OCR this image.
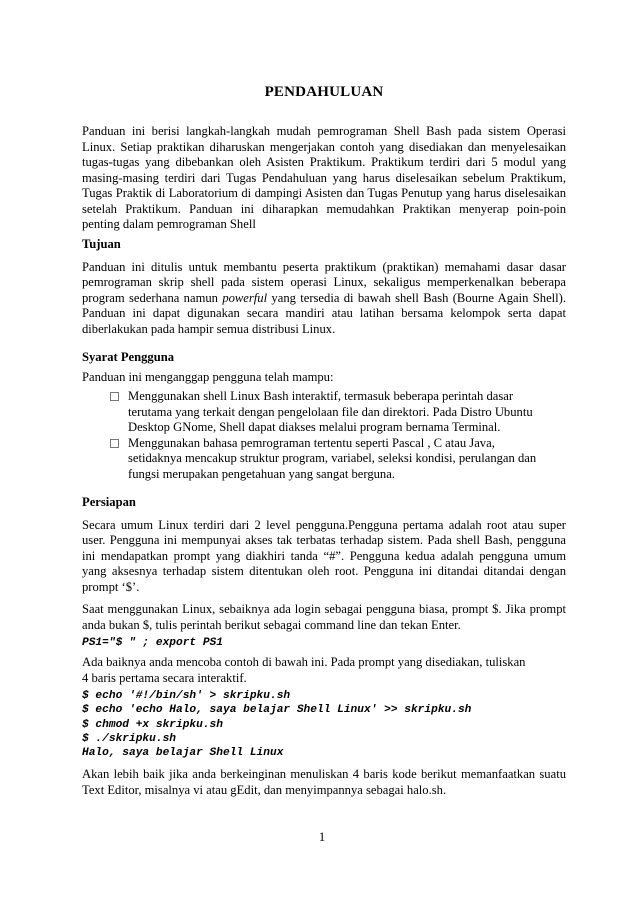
PENDAHULUAN

Panduan ini berisi langkah-langkah mudah pemrograman Shell Bash pada sistem Operasi Linux. Setiap praktikan diharuskan mengerjakan contoh yang disediakan dan menyelesaikan tugas-tugas yang dibebankan oleh Asisten Praktikum. Praktikum terdiri dari 5 modul yang masing-masing terdiri dari Tugas Pendahuluan yang harus diselesaikan sebelum Praktikum, Tugas Praktik di Laboratorium di dampingi Asisten dan Tugas Penutup yang harus diselesaikan setelah Praktikum. Panduan ini diharapkan memudahkan Praktikan menyerap poin-poin penting dalam pemrograman Shell

Tujuan

Panduan ini ditulis untuk membantu peserta praktikum (praktikan) memahami dasar dasar pemrograman skrip shell pada sistem operasi Linux, sekaligus memperkenalkan beberapa program sederhana namun powerful yang tersedia di bawah shell Bash (Bourne Again Shell). Panduan ini dapat digunakan secara mandiri atau latihan bersama kelompok serta dapat diberlakukan pada hampir semua distribusi Linux.

Syarat Pengguna

Panduan ini menganggap pengguna telah mampu:

Menggunakan shell Linux Bash interaktif, termasuk beberapa perintah dasar terutama yang terkait dengan pengelolaan file dan direktori. Pada Distro Ubuntu Desktop GNome, Shell dapat diakses melalui program bernama Terminal.
Menggunakan bahasa pemrograman tertentu seperti Pascal , C atau Java, setidaknya mencakup struktur program, variabel, seleksi kondisi, perulangan dan fungsi merupakan pengetahuan yang sangat berguna.
Persiapan

Secara umum Linux terdiri dari 2 level pengguna.Pengguna pertama adalah root atau super user. Pengguna ini mempunyai akses tak terbatas terhadap sistem. Pada shell Bash, pengguna ini mendapatkan prompt yang diakhiri tanda “#”. Pengguna kedua adalah pengguna umum yang aksesnya terhadap sistem ditentukan oleh root. Pengguna ini ditandai ditandai dengan prompt ‘$’.

Saat menggunakan Linux, sebaiknya ada login sebagai pengguna biasa, prompt $. Jika prompt anda bukan $, tulis perintah berikut sebagai command line dan tekan Enter.

PS1="$ " ; export PS1

Ada baiknya anda mencoba contoh di bawah ini. Pada prompt yang disediakan, tuliskan
4 baris pertama secara interaktif.

$ echo '#!/bin/sh' > skripku.sh
$ echo 'echo Halo, saya belajar Shell Linux' >> skripku.sh
$ chmod +x skripku.sh
$ ./skripku.sh
Halo, saya belajar Shell Linux

Akan lebih baik jika anda berkeinginan menuliskan 4 baris kode berikut memanfaatkan suatu Text Editor, misalnya vi atau gEdit, dan menyimpannya sebagai halo.sh.

1
